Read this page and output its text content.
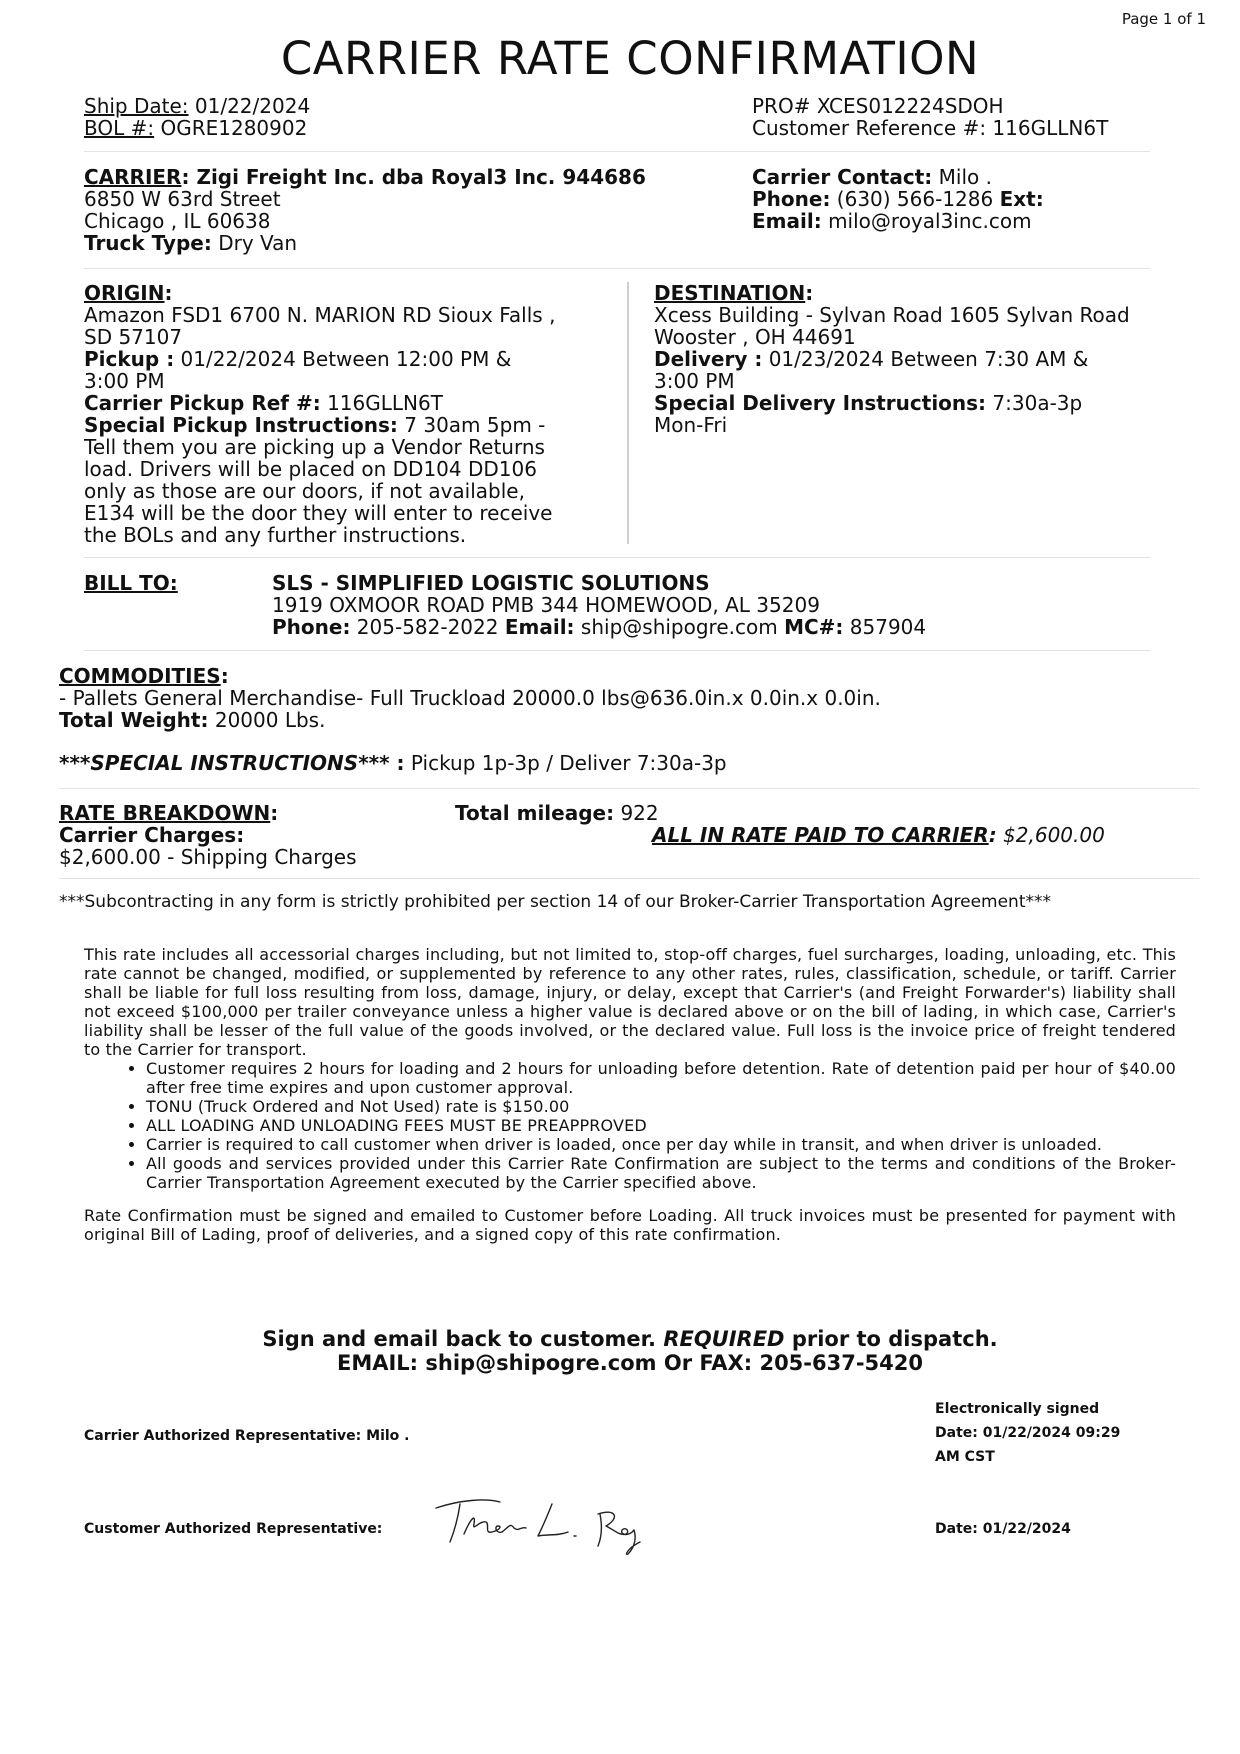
Page 1 of 1
CARRIER RATE CONFIRMATION
Ship Date: 01/22/2024
BOL #: OGRE1280902
PRO# XCES012224SDOH
Customer Reference #: 116GLLN6T
CARRIER: Zigi Freight Inc. dba Royal3 Inc. 944686
6850 W 63rd Street
Chicago , IL 60638
Truck Type: Dry Van
Carrier Contact: Milo .
Phone: (630) 566-1286 Ext:
Email: milo@royal3inc.com
ORIGIN:
Amazon FSD1 6700 N. MARION RD Sioux Falls ,
SD 57107
Pickup : 01/22/2024 Between 12:00 PM &
3:00 PM
Carrier Pickup Ref #: 116GLLN6T
Special Pickup Instructions: 7 30am 5pm -
Tell them you are picking up a Vendor Returns
load. Drivers will be placed on DD104 DD106
only as those are our doors, if not available,
E134 will be the door they will enter to receive
the BOLs and any further instructions.
DESTINATION:
Xcess Building - Sylvan Road 1605 Sylvan Road
Wooster , OH 44691
Delivery : 01/23/2024 Between 7:30 AM &
3:00 PM
Special Delivery Instructions: 7:30a-3p
Mon-Fri
BILL TO:	SLS - SIMPLIFIED LOGISTIC SOLUTIONS
1919 OXMOOR ROAD PMB 344 HOMEWOOD, AL 35209
Phone: 205-582-2022 Email: ship@shipogre.com MC#: 857904
COMMODITIES:
- Pallets General Merchandise- Full Truckload 20000.0 lbs@636.0in.x 0.0in.x 0.0in.
Total Weight: 20000 Lbs.
***SPECIAL INSTRUCTIONS*** : Pickup 1p-3p / Deliver 7:30a-3p
RATE BREAKDOWN:
Carrier Charges:
$2,600.00 - Shipping Charges
Total mileage: 922
ALL IN RATE PAID TO CARRIER: $2,600.00
***Subcontracting in any form is strictly prohibited per section 14 of our Broker-Carrier Transportation Agreement***
This rate includes all accessorial charges including, but not limited to, stop-off charges, fuel surcharges, loading, unloading, etc. This rate cannot be changed, modified, or supplemented by reference to any other rates, rules, classification, schedule, or tariff. Carrier shall be liable for full loss resulting from loss, damage, injury, or delay, except that Carrier's (and Freight Forwarder's) liability shall not exceed $100,000 per trailer conveyance unless a higher value is declared above or on the bill of lading, in which case, Carrier's liability shall be lesser of the full value of the goods involved, or the declared value. Full loss is the invoice price of freight tendered to the Carrier for transport.
• Customer requires 2 hours for loading and 2 hours for unloading before detention. Rate of detention paid per hour of $40.00 after free time expires and upon customer approval.
• TONU (Truck Ordered and Not Used) rate is $150.00
• ALL LOADING AND UNLOADING FEES MUST BE PREAPPROVED
• Carrier is required to call customer when driver is loaded, once per day while in transit, and when driver is unloaded.
• All goods and services provided under this Carrier Rate Confirmation are subject to the terms and conditions of the Broker-Carrier Transportation Agreement executed by the Carrier specified above.
Rate Confirmation must be signed and emailed to Customer before Loading. All truck invoices must be presented for payment with original Bill of Lading, proof of deliveries, and a signed copy of this rate confirmation.
Sign and email back to customer. REQUIRED prior to dispatch.
EMAIL: ship@shipogre.com Or FAX: 205-637-5420
Carrier Authorized Representative: Milo .
Electronically signed
Date: 01/22/2024 09:29
AM CST
Customer Authorized Representative:	Date: 01/22/2024
